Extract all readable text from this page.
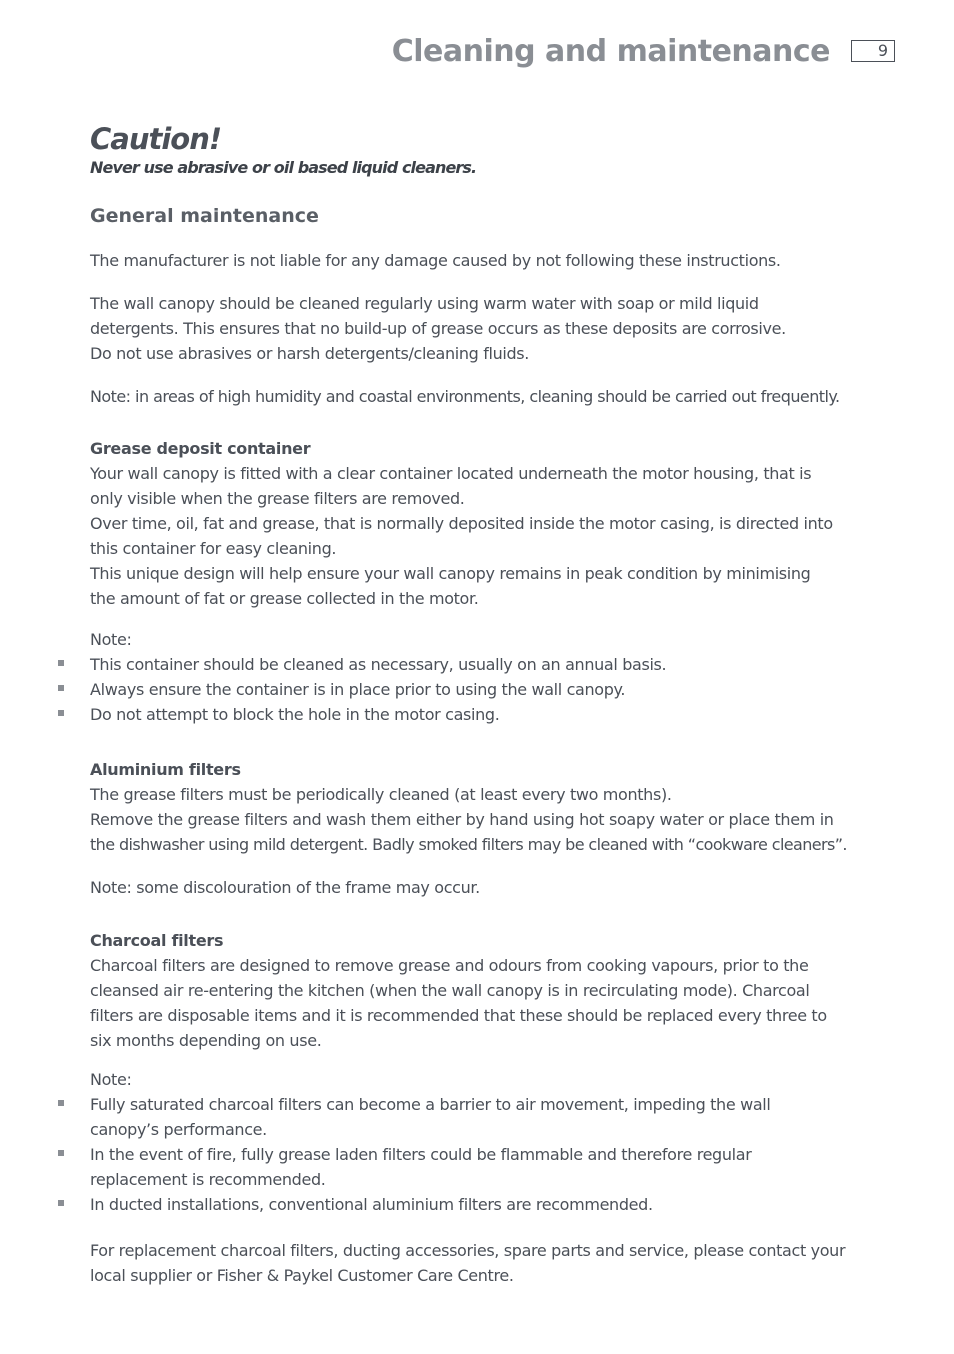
Cleaning and maintenance	9
Caution!

Never use abrasive or oil based liquid cleaners.

General maintenance

The manufacturer is not liable for any damage caused by not following these instructions.

The wall canopy should be cleaned regularly using warm water with soap or mild liquid
detergents. This ensures that no build-up of grease occurs as these deposits are corrosive.
Do not use abrasives or harsh detergents/cleaning fluids.

Note: in areas of high humidity and coastal environments, cleaning should be carried out frequently.

Grease deposit container
Your wall canopy is fitted with a clear container located underneath the motor housing, that is
only visible when the grease filters are removed.
Over time, oil, fat and grease, that is normally deposited inside the motor casing, is directed into
this container for easy cleaning.
This unique design will help ensure your wall canopy remains in peak condition by minimising
the amount of fat or grease collected in the motor.
Note:
This container should be cleaned as necessary, usually on an annual basis.
Always ensure the container is in place prior to using the wall canopy.
Do not attempt to block the hole in the motor casing.
Aluminium filters
The grease filters must be periodically cleaned (at least every two months).
Remove the grease filters and wash them either by hand using hot soapy water or place them in
the dishwasher using mild detergent. Badly smoked filters may be cleaned with “cookware cleaners”.

Note: some discolouration of the frame may occur.

Charcoal filters
Charcoal filters are designed to remove grease and odours from cooking vapours, prior to the
cleansed air re-entering the kitchen (when the wall canopy is in recirculating mode). Charcoal
filters are disposable items and it is recommended that these should be replaced every three to
six months depending on use.
Note:
Fully saturated charcoal filters can become a barrier to air movement, impeding the wall
canopy’s performance.
In the event of fire, fully grease laden filters could be flammable and therefore regular
replacement is recommended.
In ducted installations, conventional aluminium filters are recommended.
For replacement charcoal filters, ducting accessories, spare parts and service, please contact your
local supplier or Fisher & Paykel Customer Care Centre.
